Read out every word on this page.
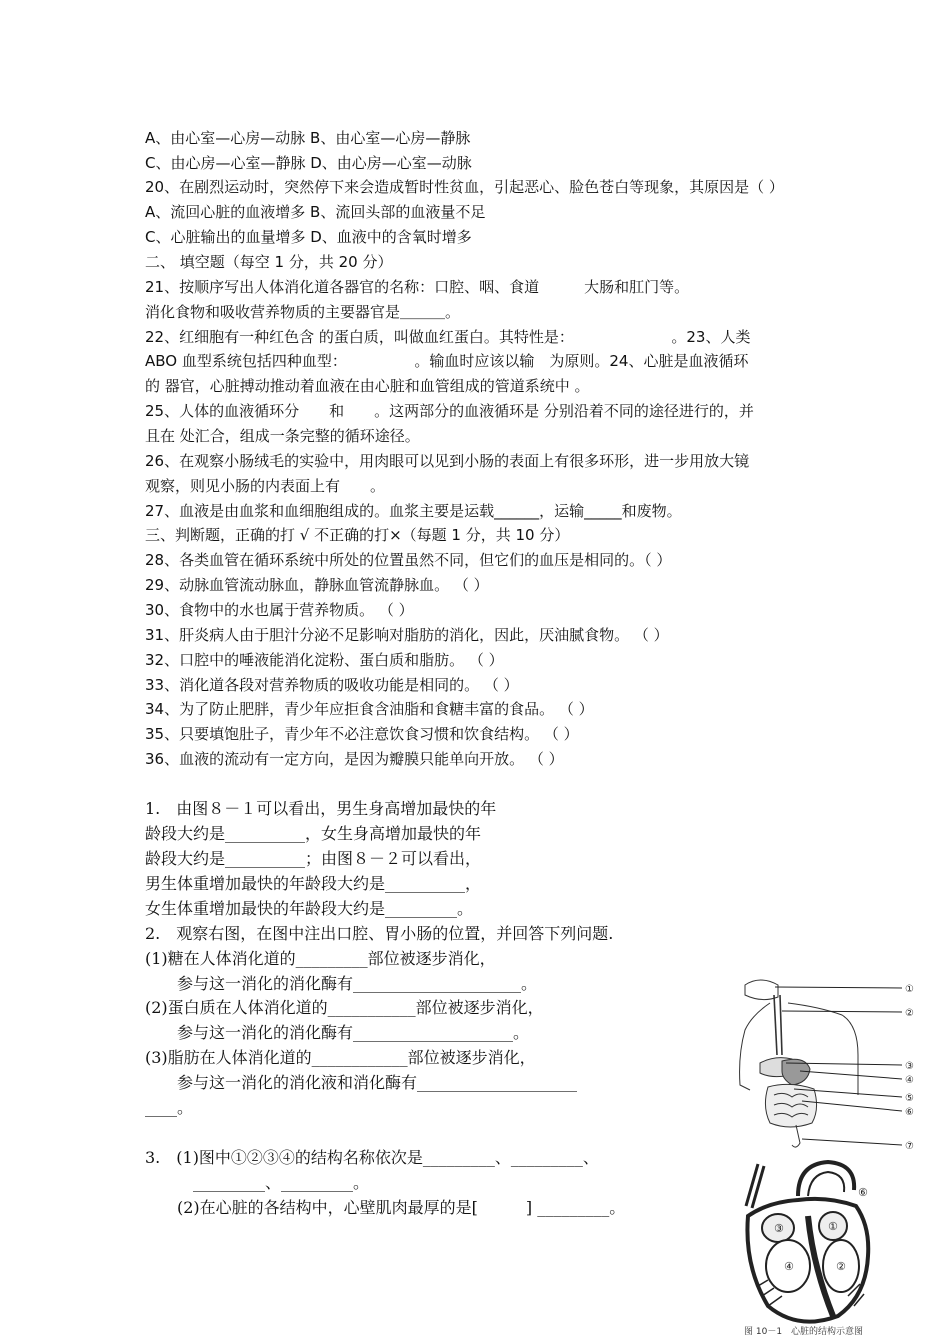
A、由心室—心房—动脉 B、由心室—心房—静脉
C、由心房—心室—静脉 D、由心房—心室—动脉
20、在剧烈运动时，突然停下来会造成暂时性贫血，引起恶心、脸色苍白等现象，其原因是（ ）
A、流回心脏的血液增多 B、流回头部的血液量不足
C、心脏输出的血量增多 D、血液中的含氧时增多
二、 填空题（每空 1 分，共 20 分）
21、按顺序写出人体消化道各器官的名称：口腔、咽、食道　　　大肠和肛门等。
消化食物和吸收营养物质的主要器官是＿＿＿。
22、红细胞有一种红色含 的蛋白质，叫做血红蛋白。其特性是：　　　　　　　。23、人类
ABO 血型系统包括四种血型：　　　　　。输血时应该以输　为原则。24、心脏是血液循环
的 器官，心脏搏动推动着血液在由心脏和血管组成的管道系统中 。
25、人体的血液循环分　　和　　。这两部分的血液循环是 分别沿着不同的途径进行的，并
且在 处汇合，组成一条完整的循环途径。
26、在观察小肠绒毛的实验中，用肉眼可以见到小肠的表面上有很多环形，进一步用放大镜
观察，则见小肠的内表面上有　　。
27、血液是由血浆和血细胞组成的。血浆主要是运载______，运输_____和废物。
三、判断题，正确的打 √ 不正确的打×（每题 1 分，共 10 分）
28、各类血管在循环系统中所处的位置虽然不同，但它们的血压是相同的。（ ）
29、动脉血管流动脉血，静脉血管流静脉血。 （ ）
30、食物中的水也属于营养物质。 （ ）
31、肝炎病人由于胆汁分泌不足影响对脂肪的消化，因此，厌油腻食物。 （ ）
32、口腔中的唾液能消化淀粉、蛋白质和脂肪。 （ ）
33、消化道各段对营养物质的吸收功能是相同的。 （ ）
34、为了防止肥胖，青少年应拒食含油脂和食糖丰富的食品。 （ ）
35、只要填饱肚子，青少年不必注意饮食习惯和饮食结构。 （ ）
36、血液的流动有一定方向，是因为瓣膜只能单向开放。 （ ）
1.　由图８－１可以看出，男生身高增加最快的年
龄段大约是__________，女生身高增加最快的年
龄段大约是__________；由图８－２可以看出，
男生体重增加最快的年龄段大约是__________，
女生体重增加最快的年龄段大约是_________。
2.　观察右图，在图中注出口腔、胃小肠的位置，并回答下列问题.
(1)糖在人体消化道的_________部位被逐步消化，
　　参与这一消化的消化酶有_____________________。
(2)蛋白质在人体消化道的___________部位被逐步消化，
　　参与这一消化的消化酶有____________________。
(3)脂肪在人体消化道的____________部位被逐步消化，
　　参与这一消化的消化液和消化酶有____________________
____。
3.　(1)图中①②③④的结构名称依次是_________、_________、
　　　_________、_________。
　　(2)在心脏的各结构中，心壁肌肉最厚的是[　　　] _________。
①
②
③
④
⑤
⑥
⑦
③	①
②
④
⑥
图 10－1　心脏的结构示意图
